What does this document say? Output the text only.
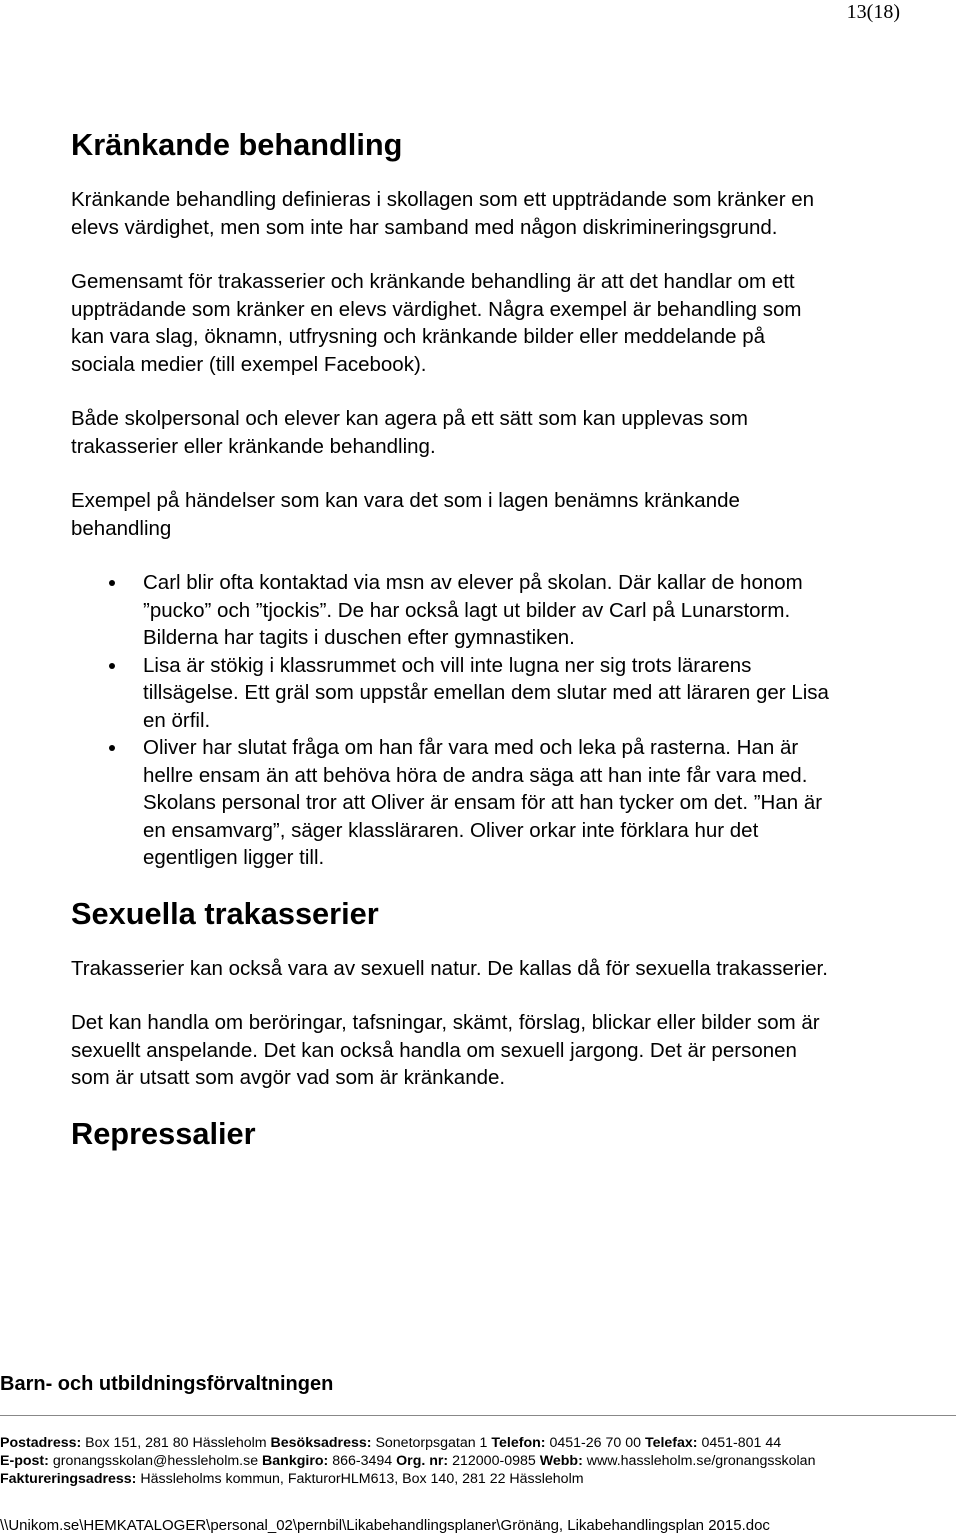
13(18)
Kränkande behandling

Kränkande behandling definieras i skollagen som ett uppträdande som kränker en elevs värdighet, men som inte har samband med någon diskrimineringsgrund.

Gemensamt för trakasserier och kränkande behandling är att det handlar om ett uppträdande som kränker en elevs värdighet. Några exempel är behandling som kan vara slag, öknamn, utfrysning och kränkande bilder eller meddelande på sociala medier (till exempel Facebook).

Både skolpersonal och elever kan agera på ett sätt som kan upplevas som trakasserier eller kränkande behandling.

Exempel på händelser som kan vara det som i lagen benämns kränkande behandling

Carl blir ofta kontaktad via msn av elever på skolan. Där kallar de honom ”pucko” och ”tjockis”. De har också lagt ut bilder av Carl på Lunarstorm. Bilderna har tagits i duschen efter gymnastiken.
Lisa är stökig i klassrummet och vill inte lugna ner sig trots lärarens tillsägelse. Ett gräl som uppstår emellan dem slutar med att läraren ger Lisa en örfil.
Oliver har slutat fråga om han får vara med och leka på rasterna. Han är hellre ensam än att behöva höra de andra säga att han inte får vara med. Skolans personal tror att Oliver är ensam för att han tycker om det. ”Han är en ensamvarg”, säger klassläraren. Oliver orkar inte förklara hur det egentligen ligger till.
Sexuella trakasserier

Trakasserier kan också vara av sexuell natur. De kallas då för sexuella trakasserier.

Det kan handla om beröringar, tafsningar, skämt, förslag, blickar eller bilder som är sexuellt anspelande. Det kan också handla om sexuell jargong. Det är personen som är utsatt som avgör vad som är kränkande.

Repressalier
Barn- och utbildningsförvaltningen
Postadress: Box 151, 281 80 Hässleholm Besöksadress: Sonetorpsgatan 1 Telefon: 0451-26 70 00 Telefax: 0451-801 44
E-post: gronangsskolan@hessleholm.se Bankgiro: 866-3494 Org. nr: 212000-0985 Webb: www.hassleholm.se/gronangsskolan
Faktureringsadress: Hässleholms kommun, FakturorHLM613, Box 140, 281 22 Hässleholm
\\Unikom.se\HEMKATALOGER\personal_02\pernbil\Likabehandlingsplaner\Grönäng, Likabehandlingsplan 2015.doc
